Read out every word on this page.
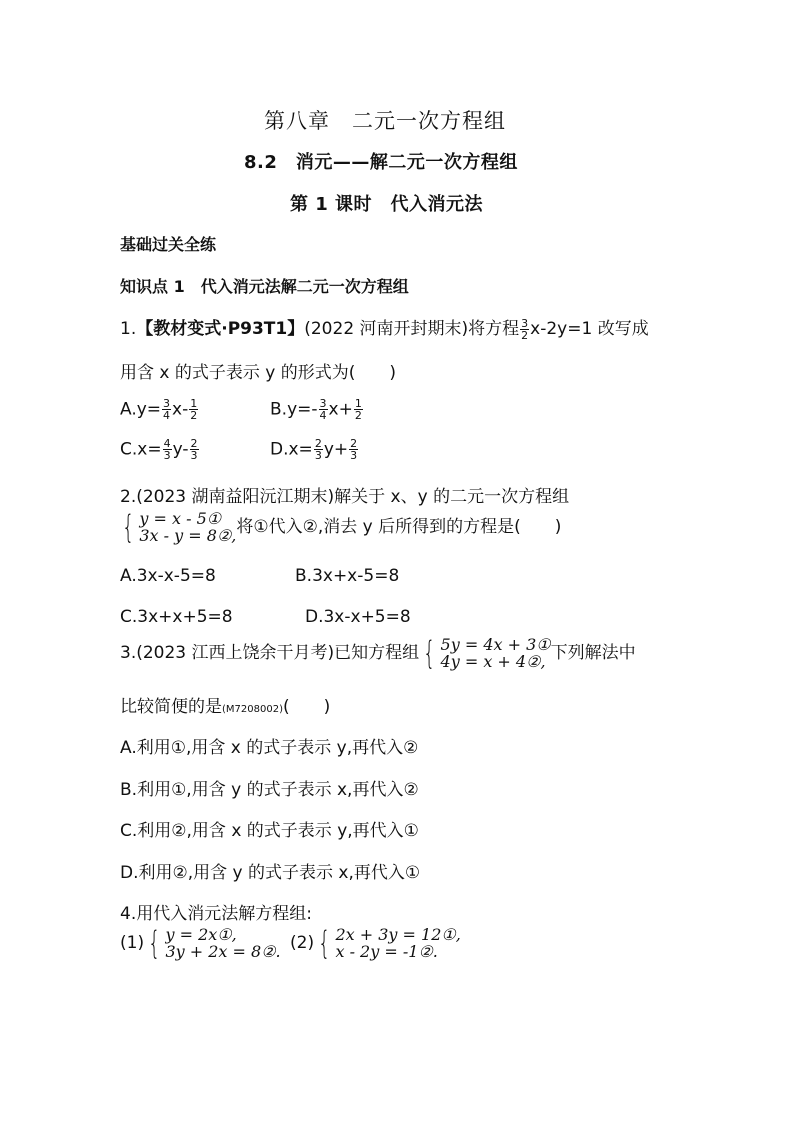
第八章　二元一次方程组
8.2　消元——解二元一次方程组
第 1 课时　代入消元法
基础过关全练
知识点 1　代入消元法解二元一次方程组
1.【教材变式·P93T1】(2022 河南开封期末)将方程 $\frac{3}{2} x-2y=1$ 改写成
用含 x 的式子表示 y 的形式为(　　)
$A.y= \frac{3}{4} x- \frac{1}{2}$	$B.y=- \frac{3}{4} x+ \frac{1}{2}$
$C.x= \frac{4}{3} y- \frac{2}{3}$	$D.x= \frac{2}{3} y+ \frac{2}{3}$
2.(2023 湖南益阳沅江期末)解关于 x、y 的二元一次方程组
{ y = x - 5①
3x - y = 8②, 将①代入②,消去 y 后所得到的方程是(　　)
A.3x-x-5=8	B.3x+x-5=8
C.3x+x+5=8	D.3x-x+5=8
3.(2023 江西上饶余干月考)已知方程组 { 5y = 4x + 3①
4y = x + 4②, 下列解法中
比较简便的是(M7208002)(　　)
A.利用①,用含 x 的式子表示 y,再代入②
B.利用①,用含 y 的式子表示 x,再代入②
C.利用②,用含 x 的式子表示 y,再代入①
D.利用②,用含 y 的式子表示 x,再代入①
4.用代入消元法解方程组:
(1) { y = 2x①,
3y + 2x = 8②. (2) { 2x + 3y = 12①,
x - 2y = -1②.
